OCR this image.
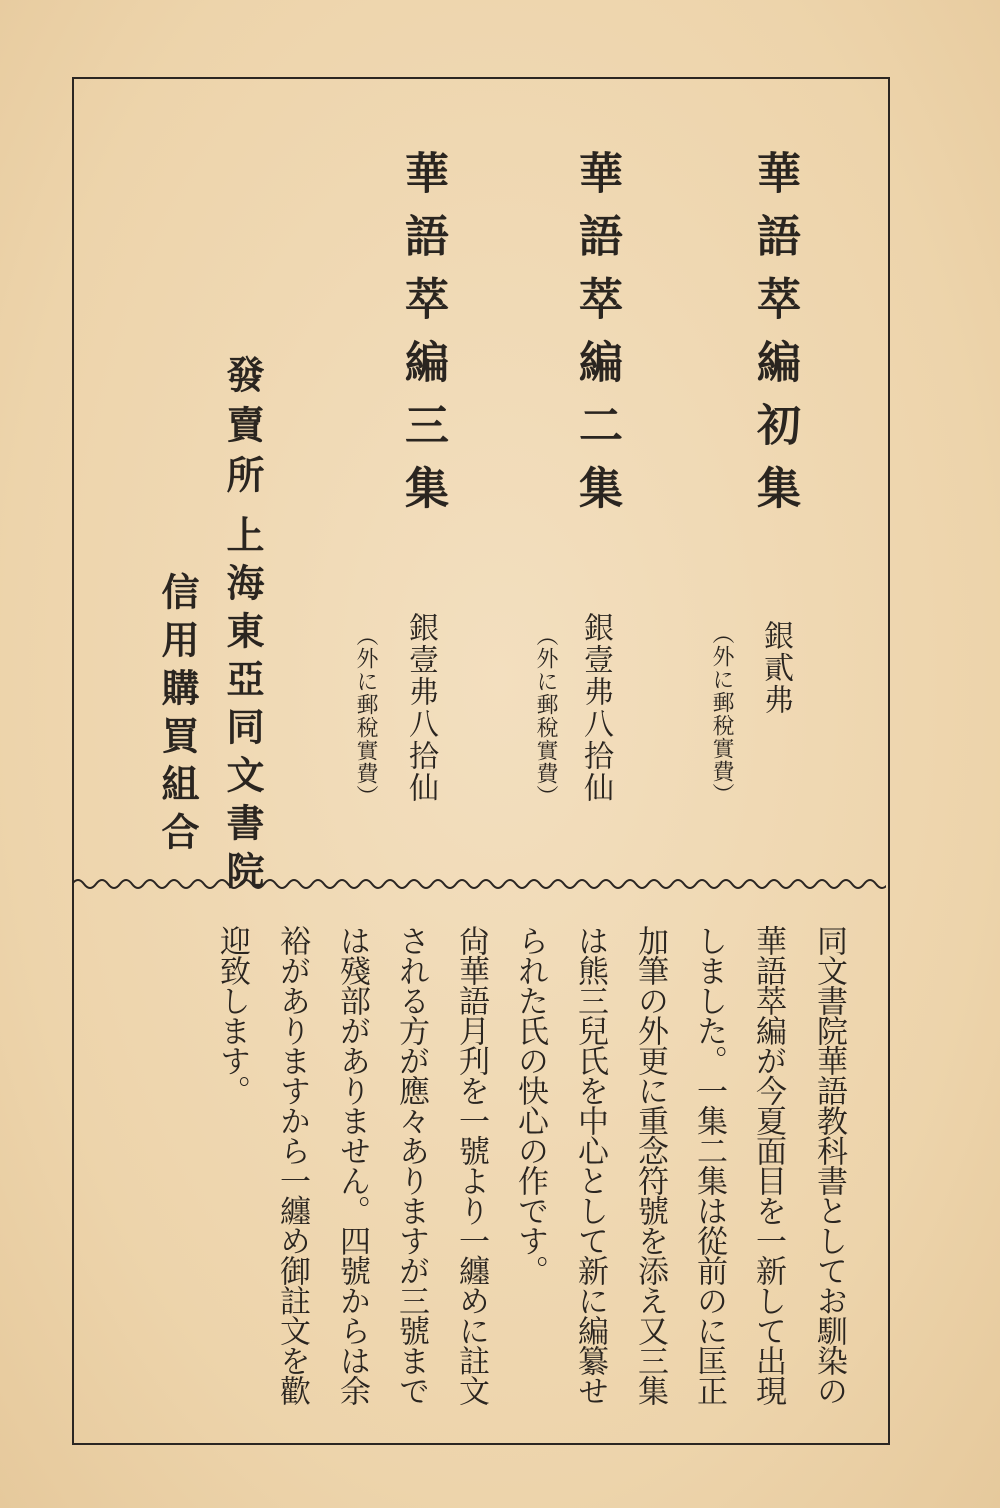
華語萃編初集
銀貳弗
（外に郵稅實費）
華語萃編二集
銀壹弗八拾仙
（外に郵稅實費）
華語萃編三集
銀壹弗八拾仙
（外に郵稅實費）
發賣所
上海東亞同文書院
信用購買組合
同文書院華語教科書としてお馴染の
華語萃編が今夏面目を一新して出現
しました。一集二集は從前のに匡正
加筆の外更に重念符號を添え又三集
は熊三兒氏を中心として新に編纂せ
られた氏の快心の作です。
尙華語月刋を一號より一纏めに註文
される方が應々ありますが三號まで
は殘部がありません。四號からは余
裕がありますから一纏め御註文を歡
迎致します。
